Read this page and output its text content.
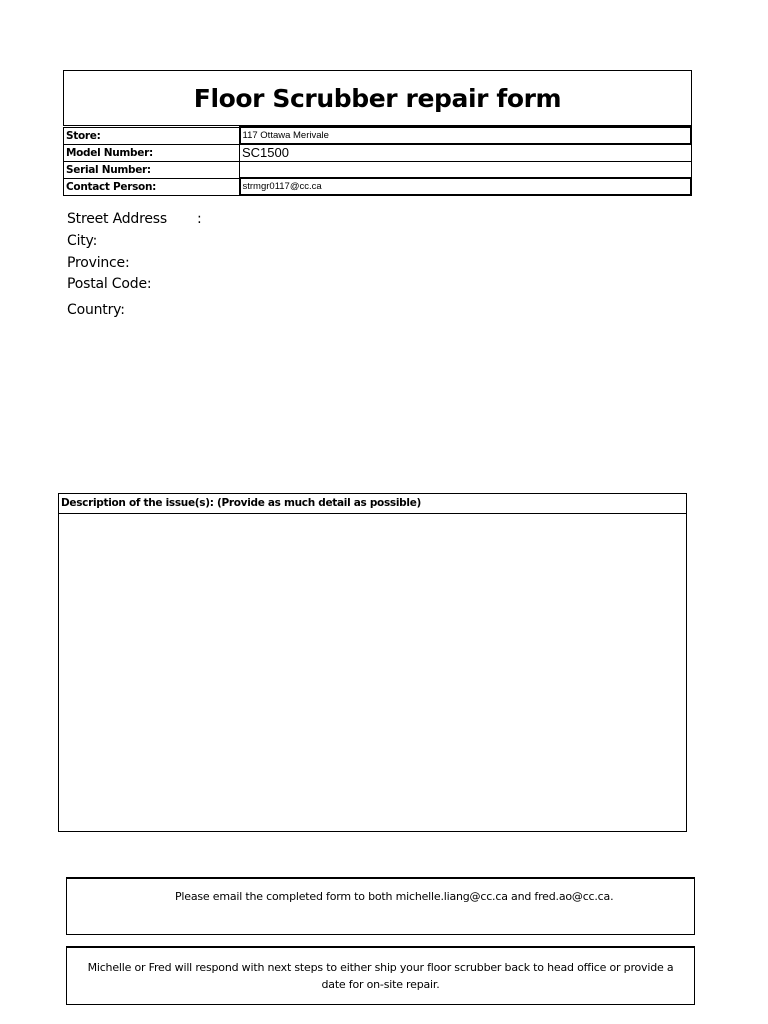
Floor Scrubber repair form
Store:	117 Ottawa Merivale
Model Number:	SC1500
Serial Number:	
Contact Person:	strmgr0117@cc.ca
Street Address :
City:
Province:
Postal Code:
Country:
Description of the issue(s): (Provide as much detail as possible)
Please email the completed form to both michelle.liang@cc.ca and fred.ao@cc.ca.
Michelle or Fred will respond with next steps to either ship your floor scrubber back to head office or provide a date for on-site repair.
